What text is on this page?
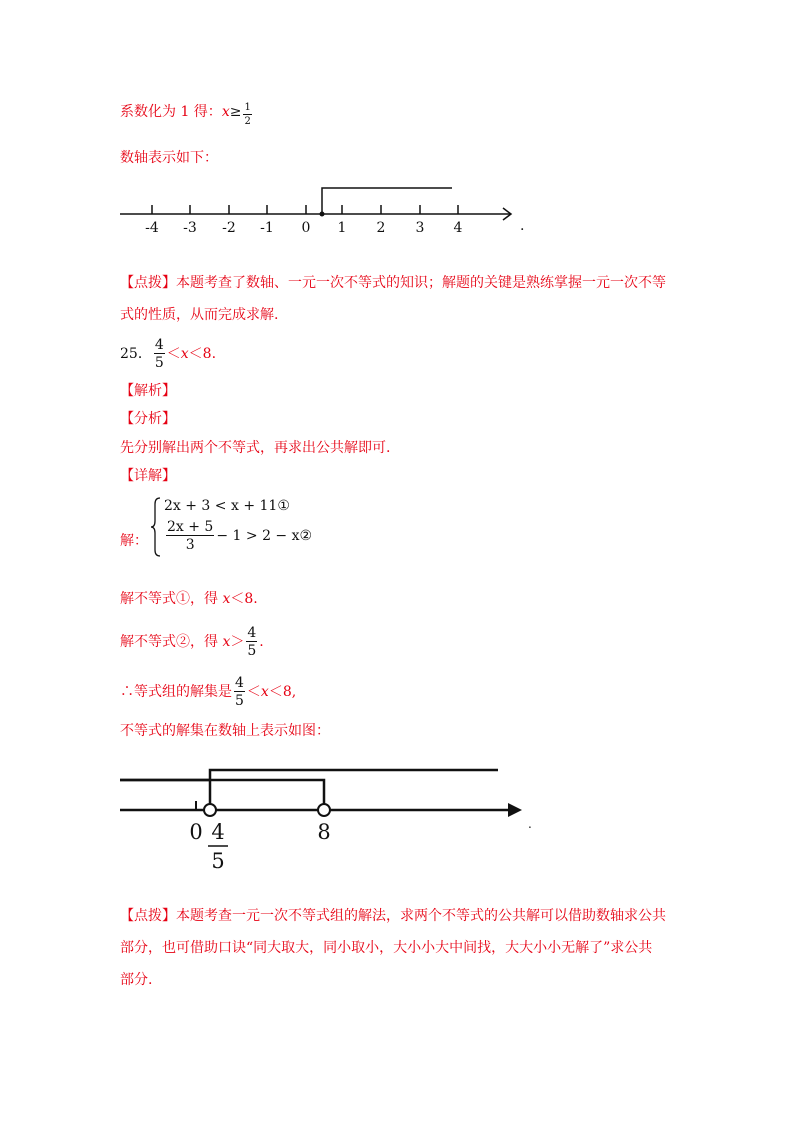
系数化为 1 得：$x\ge \frac{1}{2}$
数轴表示如下：
-4 -3 -2 -1 0 1 2 3 4	.
【点拨】本题考查了数轴、一元一次不等式的知识；解题的关键是熟练掌握一元一次不等
式的性质，从而完成求解.
25． $\frac{4}{5} <x<8$.
【解析】
【分析】
先分别解出两个不等式，再求出公共解即可.
【详解】
解：
2x + 3 < x + 11①
$\frac{2x + 5}{3} - 1 > 2$ − x②
解不等式①，得 x＜8.
解不等式②，得 $x> \frac{4}{5}$ .
∴等式组的解集是 $\frac{4}{5} <x<8$,
不等式的解集在数轴上表示如图：
0 4
5
8	.
【点拨】本题考查一元一次不等式组的解法，求两个不等式的公共解可以借助数轴求公共
部分，也可借助口诀“同大取大，同小取小，大小小大中间找，大大小小无解了”求公共
部分.
